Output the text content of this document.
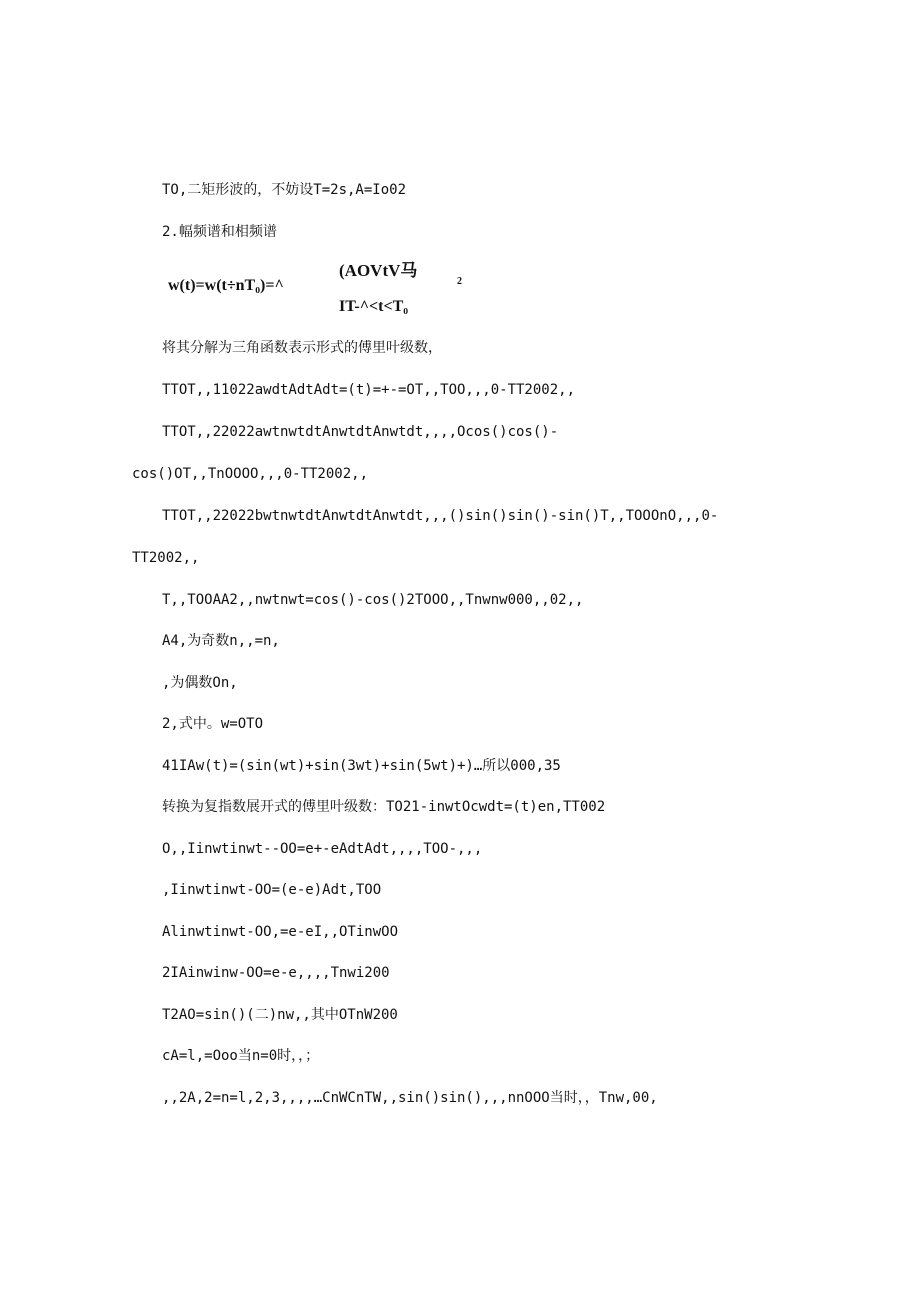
TO,二矩形波的，不妨设T=2s,A=Io02
2.幅频谱和相频谱
w(t)=w(t÷nT₀)=^
(AOVtV马
IT-^<t<T₀
2
将其分解为三角函数表示形式的傅里叶级数，
TTOT,,11022awdtAdtAdt=(t)=+-=OT,,TOO,,,0-TT2002,,
TTOT,,22022awtnwtdtAnwtdtAnwtdt,,,,Ocos()cos()-
cos()OT,,TnOOOO,,,0-TT2002,,
TTOT,,22022bwtnwtdtAnwtdtAnwtdt,,,()sin()sin()-sin()T,,TOOOnO,,,0-
TT2002,,
T,,TOOAA2,,nwtnwt=cos()-cos()2TOOO,,Tnwnw000,,02,,
A4,为奇数n,,=n,
,为偶数On,
2,式中。w=OTO
41IAw(t)=(sin(wt)+sin(3wt)+sin(5wt)+)…所以000,35
转换为复指数展开式的傅里叶级数：TO21-inwtOcwdt=(t)en,TT002
O,,Iinwtinwt--OO=e+-eAdtAdt,,,,TOO-,,,
,Iinwtinwt-OO=(e-e)Adt,TOO
Alinwtinwt-OO,=e-eI,,OTinwOO
2IAinwinw-OO=e-e,,,,Tnwi200
T2AO=sin()(二)nw,,其中OTnW200
cA=l,=Ooo当n=0时，，；
,,2A,2=n=l,2,3,,,,…CnWCnTW,,sin()sin(),,,nnOOO当时，，Tnw,00,
